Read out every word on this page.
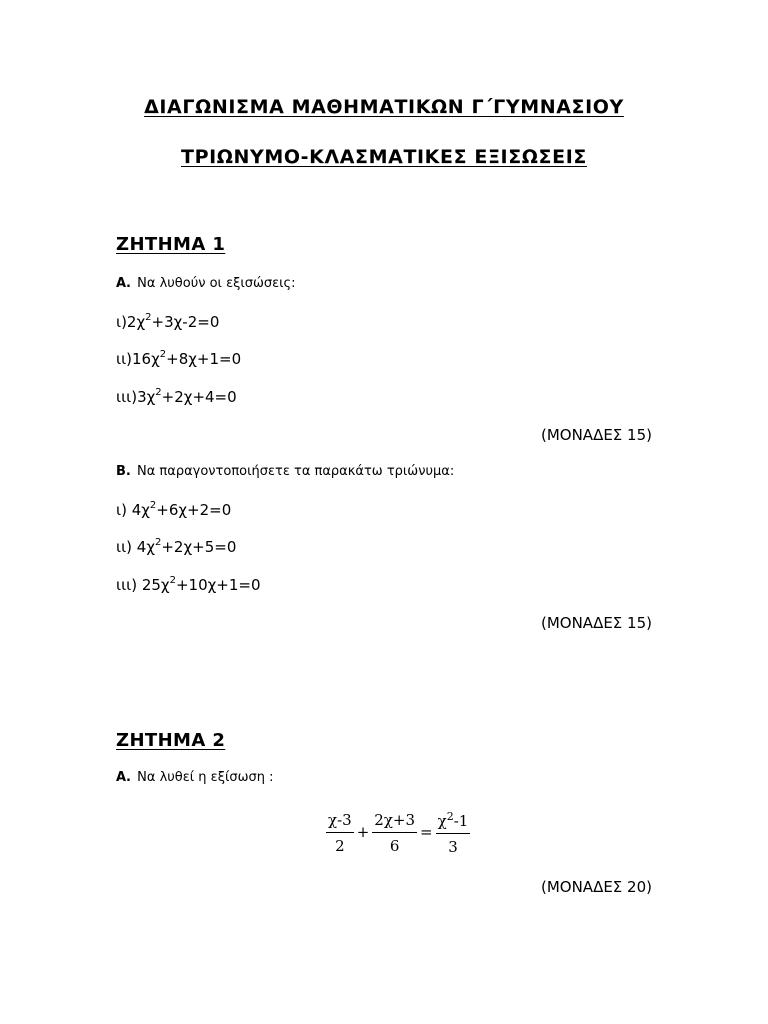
ΔΙΑΓΩΝΙΣΜΑ ΜΑΘΗΜΑΤΙΚΩΝ Γ΄ΓΥΜΝΑΣΙΟΥ
ΤΡΙΩΝΥΜΟ-ΚΛΑΣΜΑΤΙΚΕΣ ΕΞΙΣΩΣΕΙΣ
ΖΗΤΗΜΑ 1
Α. Να λυθούν οι εξισώσεις:
$\iota)2\chi^2+3\chi-2=0$
$\iota\iota)16\chi^2+8\chi+1=0$
$\iota\iota\iota)3\chi^2+2\chi+4=0$
(ΜΟΝΑΔΕΣ 15)
Β. Να παραγοντοποιήσετε τα παρακάτω τριώνυμα:
ι) $4\chi^2+6\chi+2=0$
ιι) $4\chi^2+2\chi+5=0$
ιιι) $25\chi^2+10\chi+1=0$
(ΜΟΝΑΔΕΣ 15)
ΖΗΤΗΜΑ 2
Α. Να λυθεί η εξίσωση :
$\frac{\chi-3}{2} + \frac{2\chi+3}{6} = \frac{\chi^2-1}{3}$
(ΜΟΝΑΔΕΣ 20)
